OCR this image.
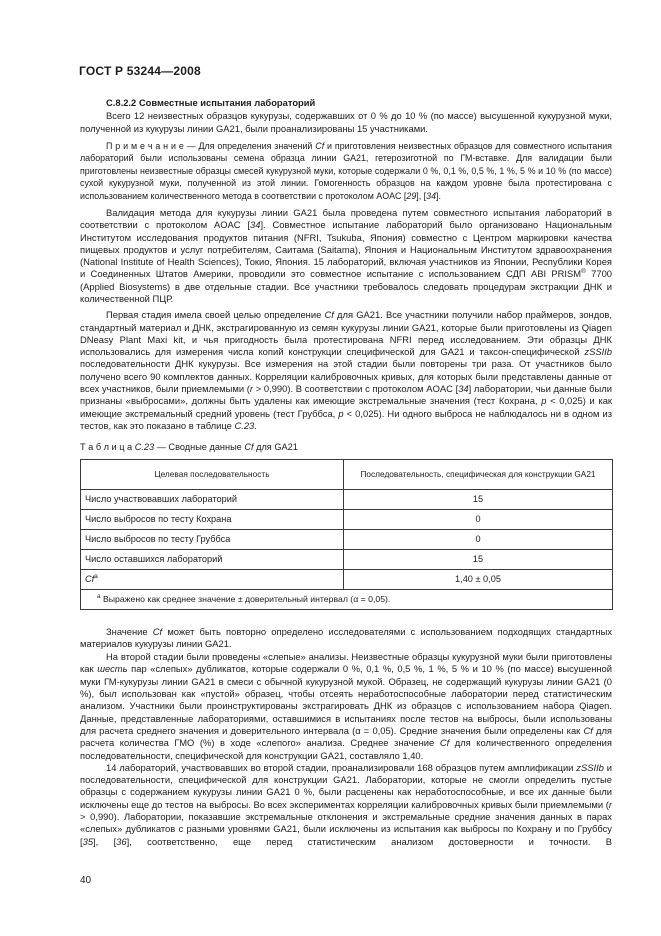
ГОСТ Р 53244—2008

С.8.2.2 Совместные испытания лабораторий

Всего 12 неизвестных образцов кукурузы, содержавших от 0 % до 10 % (по массе) высушенной кукурузной муки, полученной из кукурузы линии GA21, были проанализированы 15 участниками.

П р и м е ч а н и е — Для определения значений Cf и приготовления неизвестных образцов для совместного испытания лабораторий были использованы семена образца линии GA21, гетерозиготной по ГМ-вставке. Для валидации были приготовлены неизвестные образцы смесей кукурузной муки, которые содержали 0 %, 0,1 %, 0,5 %, 1 %, 5 % и 10 % (по массе) сухой кукурузной муки, полученной из этой линии. Гомогенность образцов на каждом уровне была протестирована с использованием количественного метода в соответствии с протоколом AOAC [29], [34].

Валидация метода для кукурузы линии GA21 была проведена путем совместного испытания лабораторий в соответствии с протоколом AOAC [34]. Совместное испытание лабораторий было организовано Национальным Институтом исследования продуктов питания (NFRI, Tsukuba, Япония) совместно с Центром маркировки качества пищевых продуктов и услуг потребителям, Саитама (Saitama), Япония и Национальным Институтом здравоохранения (National Institute of Health Sciences), Токио, Япония. 15 лабораторий, включая участников из Японии, Республики Корея и Соединенных Штатов Америки, проводили это совместное испытание с использованием СДП ABI PRISM® 7700 (Applied Biosystems) в две отдельные стадии. Все участники требовалось следовать процедурам экстракции ДНК и количественной ПЦР.

Первая стадия имела своей целью определение Cf для GA21. Все участники получили набор праймеров, зондов, стандартный материал и ДНК, экстрагированную из семян кукурузы линии GA21, которые были приготовлены из Qiagen DNeasy Plant Maxi kit, и чья пригодность была протестирована NFRI перед исследованием. Эти образцы ДНК использовались для измерения числа копий конструкции специфической для GA21 и таксон-специфической zSSIIb последовательности ДНК кукурузы. Все измерения на этой стадии были повторены три раза. От участников было получено всего 90 комплектов данных. Корреляции калибровочных кривых, для которых были представлены данные от всех участников, были приемлемыми (r > 0,990). В соответствии с протоколом AOAC [34] лаборатории, чьи данные были признаны «выбросами», должны быть удалены как имеющие экстремальные значения (тест Кохрана, p < 0,025) и как имеющие экстремальный средний уровень (тест Груббса, p < 0,025). Ни одного выброса не наблюдалось ни в одном из тестов, как это показано в таблице С.23.

Т а б л и ц а С.23 — Сводные данные Cf для GA21
Целевая последовательность	Последовательность, специфическая для конструкции GA21
Число участвовавших лабораторий	15
Число выбросов по тесту Кохрана	0
Число выбросов по тесту Груббса	0
Число оставшихся лабораторий	15
Cf$^a$	1,40 ± 0,05
$^a$ Выражено как среднее значение ± доверительный интервал (α = 0,05).	

Значение Cf может быть повторно определено исследователями с использованием подходящих стандартных материалов кукурузы линии GA21.

На второй стадии были проведены «слепые» анализы. Неизвестные образцы кукурузной муки были приготовлены как шесть пар «слепых» дубликатов, которые содержали 0 %, 0,1 %, 0,5 %, 1 %, 5 % и 10 % (по массе) высушенной муки ГМ-кукурузы линии GA21 в смеси с обычной кукурузной мукой. Образец, не содержащий кукурузы линии GA21 (0 %), был использован как «пустой» образец, чтобы отсеять неработоспособные лаборатории перед статистическим анализом. Участники были проинструктированы экстрагировать ДНК из образцов с использованием набора Qiagen. Данные, представленные лабораториями, оставшимися в испытаниях после тестов на выбросы, были использованы для расчета среднего значения и доверительного интервала (α = 0,05). Средние значения были определены как Cf для расчета количества ГМО (%) в ходе «слепого» анализа. Среднее значение Cf для количественного определения последовательности, специфической для конструкции GA21, составляло 1,40.

14 лабораторий, участвовавших во второй стадии, проанализировали 168 образцов путем амплификации zSSIIb и последовательности, специфической для конструкции GA21. Лаборатории, которые не смогли определить пустые образцы с содержанием кукурузы линии GA21 0 %, были расценены как неработоспособные, и все их данные были исключены еще до тестов на выбросы. Во всех экспериментах корреляции калибровочных кривых были приемлемыми (r > 0,990). Лаборатории, показавшие экстремальные отклонения и экстремальные средние значения данных в парах «слепых» дубликатов с разными уровнями GA21, были исключены из испытания как выбросы по Кохрану и по Груббсу [35], [36], соответственно, еще перед статистическим анализом достоверности и точности. В

40
